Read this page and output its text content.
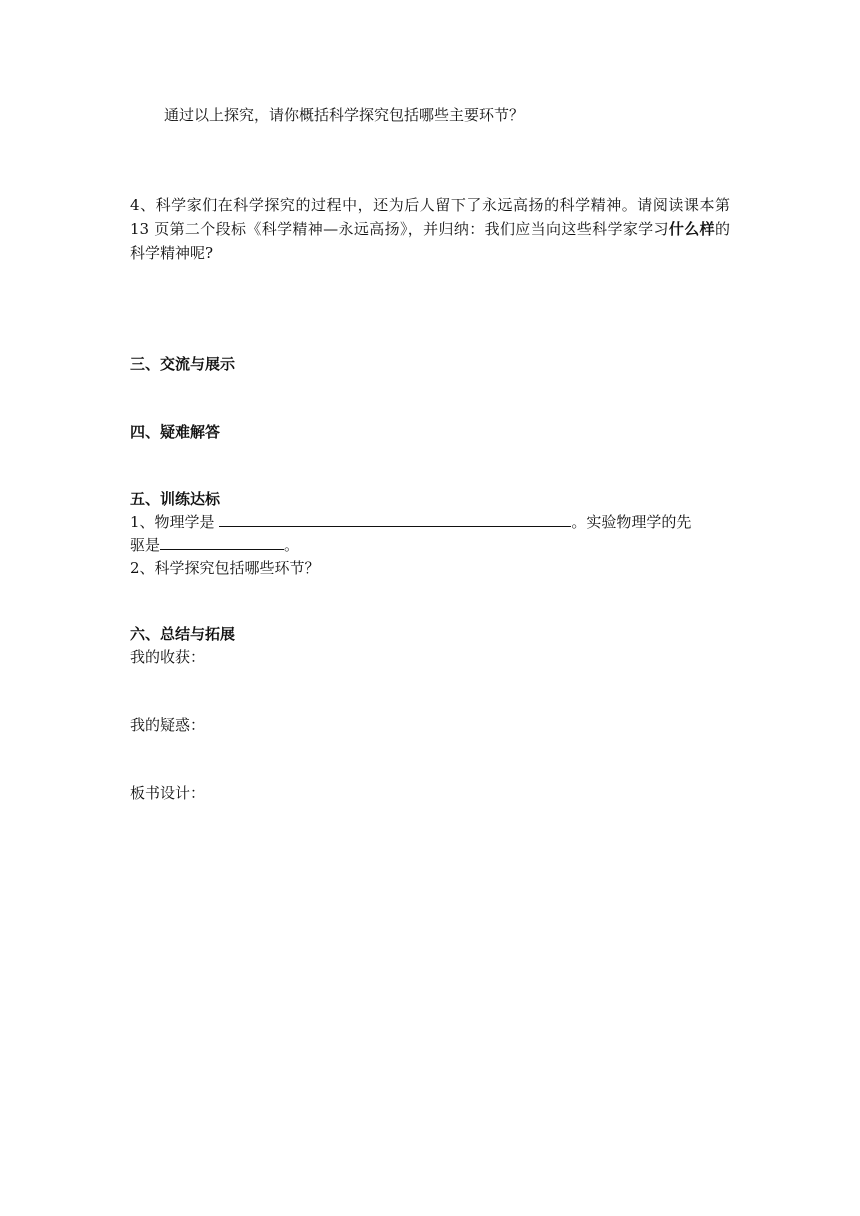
通过以上探究，请你概括科学探究包括哪些主要环节？
4、科学家们在科学探究的过程中，还为后人留下了永远高扬的科学精神。请阅读课本第 13 页第二个段标《科学精神—永远高扬》，并归纳：我们应当向这些科学家学习什么样的科学精神呢?
三、交流与展示
四、疑难解答
五、训练达标
1、物理学是	。实验物理学的先
驱是	。
2、科学探究包括哪些环节？
六、总结与拓展
我的收获：
我的疑惑：
板书设计：
